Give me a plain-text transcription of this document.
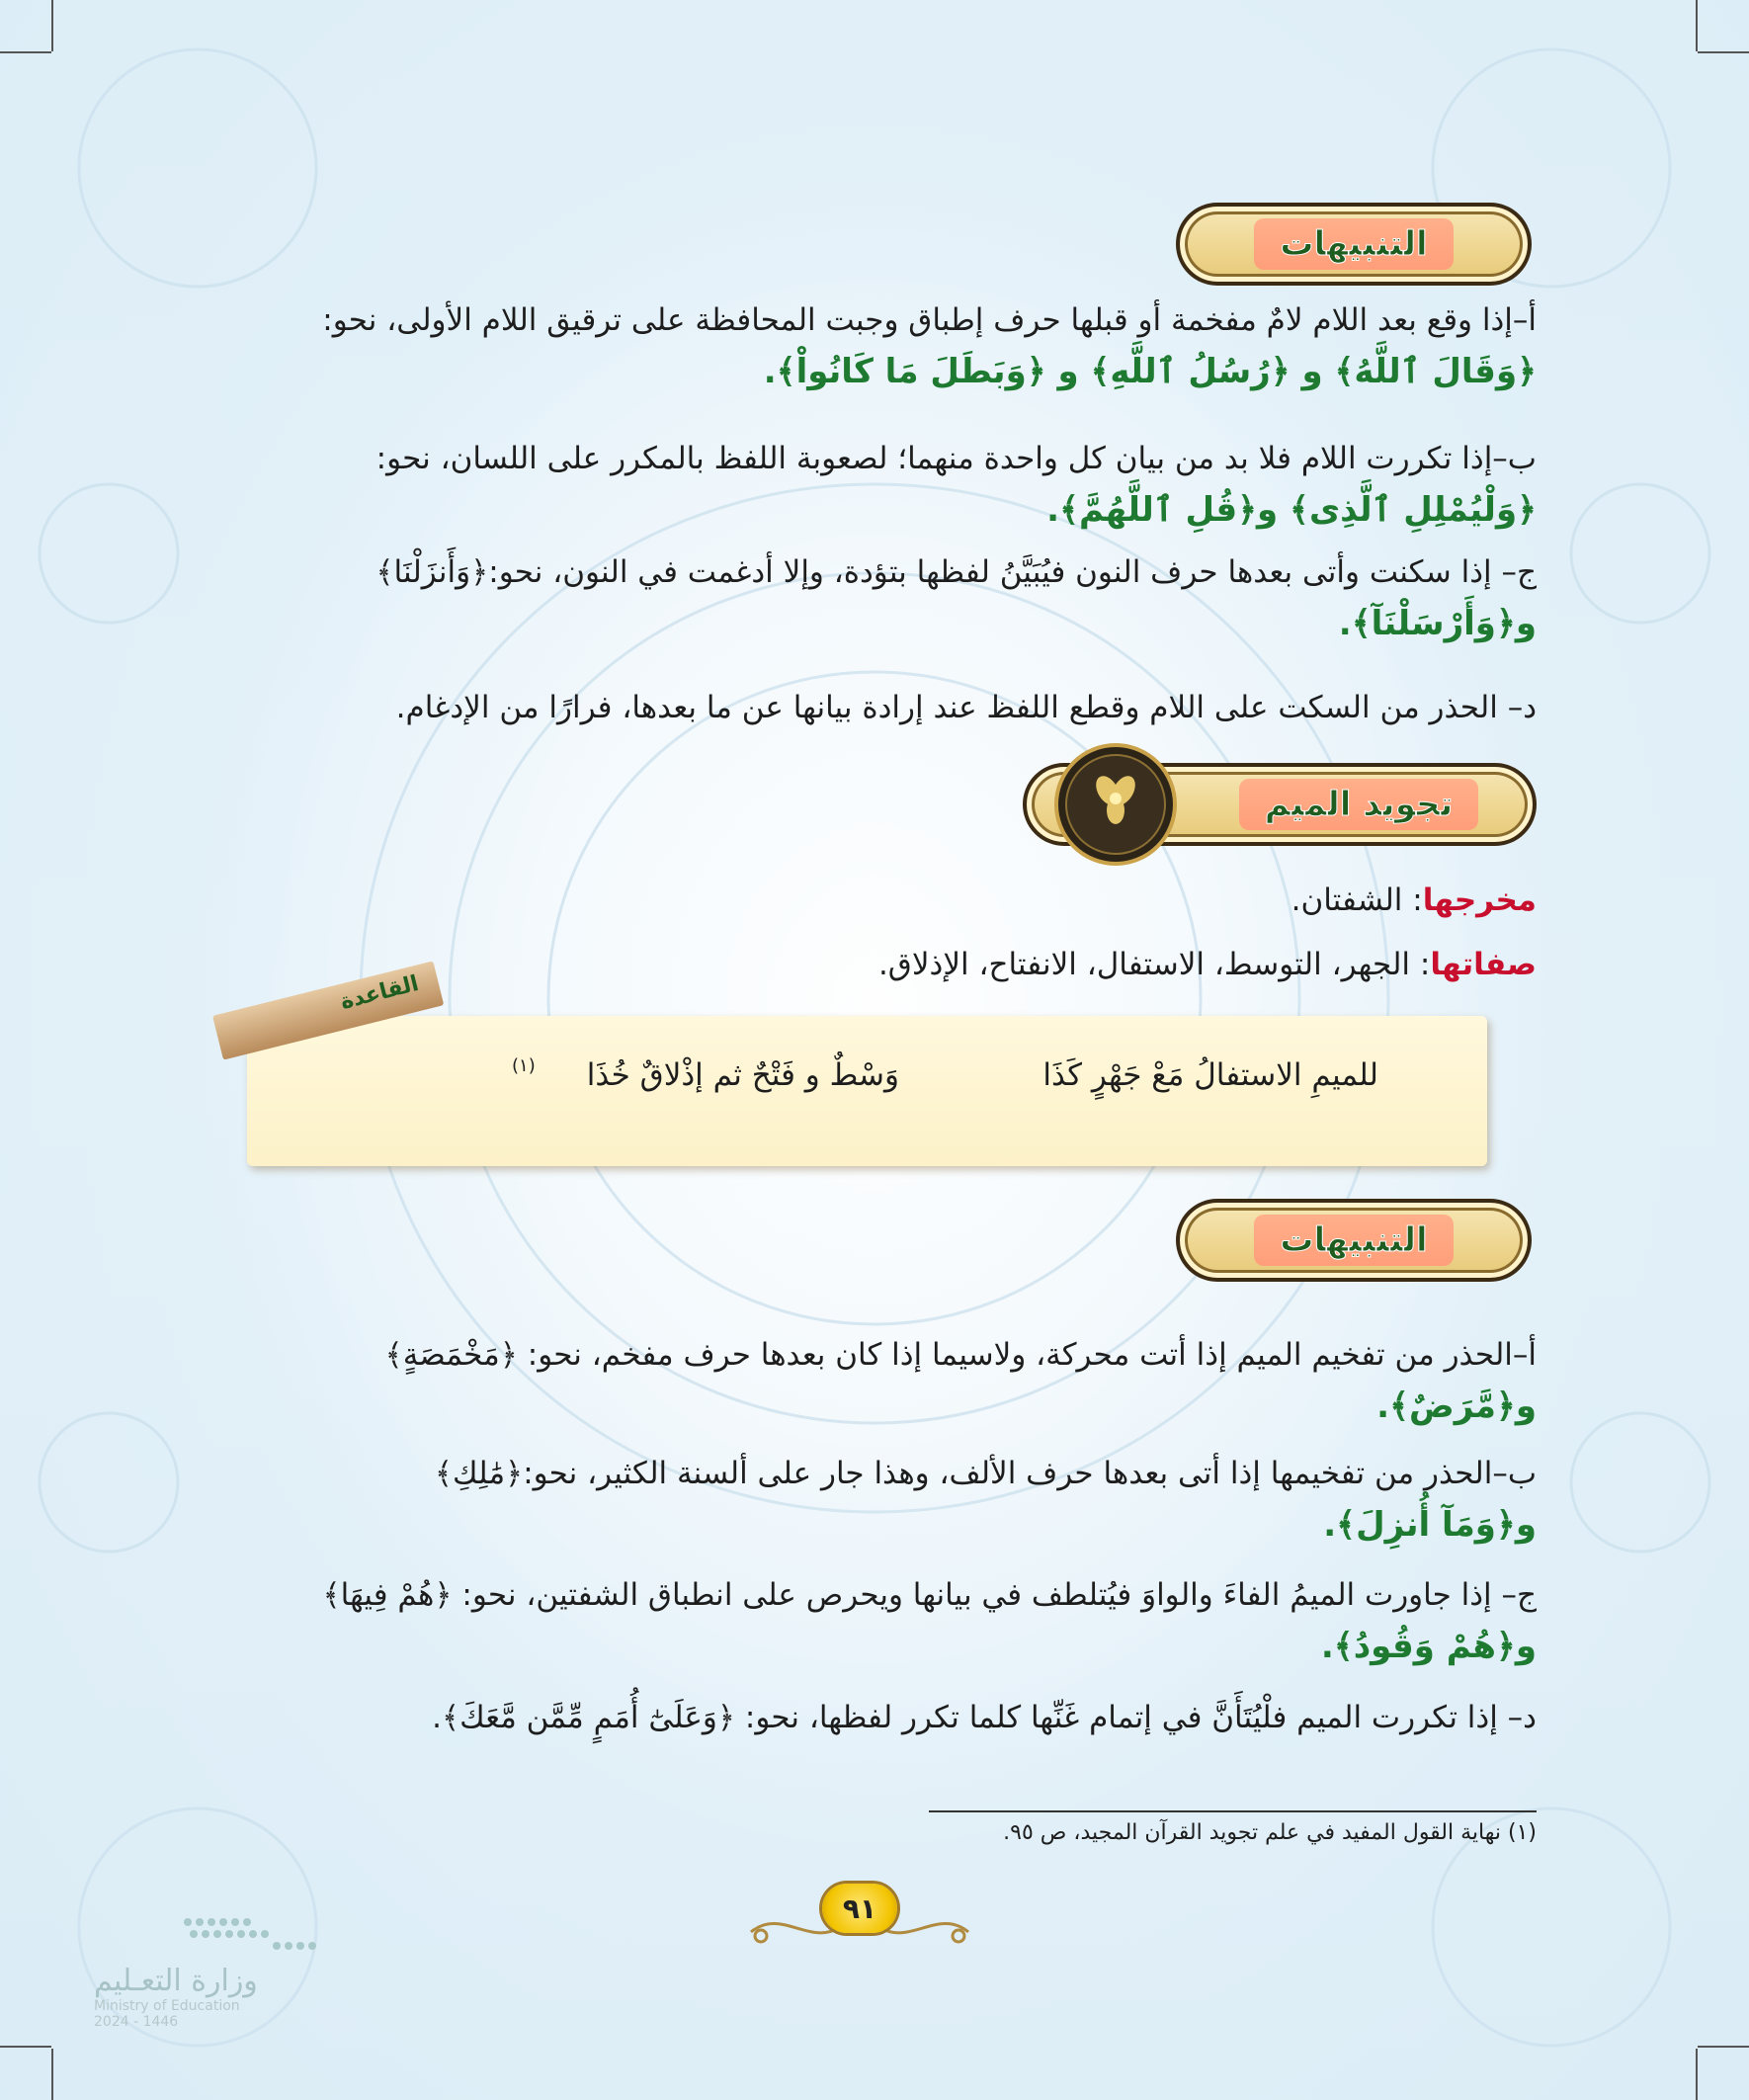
التنبيهات
أ–إذا وقع بعد اللام لامٌ مفخمة أو قبلها حرف إطباق وجبت المحافظة على ترقيق اللام الأولى، نحو:
﴿وَقَالَ ٱللَّهُ﴾ و ﴿رُسُلُ ٱللَّهِ﴾ و ﴿وَبَطَلَ مَا كَانُواْ﴾.
ب–إذا تكررت اللام فلا بد من بيان كل واحدة منهما؛ لصعوبة اللفظ بالمكرر على اللسان، نحو:
﴿وَلْيُمْلِلِ ٱلَّذِى﴾ و﴿قُلِ ٱللَّهُمَّ﴾.
ج– إذا سكنت وأتى بعدها حرف النون فيُبَيَّنُ لفظها بتؤدة، وإلا أدغمت في النون، نحو:﴿وَأَنزَلْنَا﴾
و﴿وَأَرْسَلْنَآ﴾.
د– الحذر من السكت على اللام وقطع اللفظ عند إرادة بيانها عن ما بعدها، فرارًا من الإدغام.
تجويد الميم
مخرجها: الشفتان.
صفاتها: الجهر، التوسط، الاستفال، الانفتاح، الإذلاق.
القاعدة
للميمِ الاستفالُ مَعْ جَهْرٍ كَذَا
وَسْطٌ و فَتْحٌ ثم إذْلاقٌ خُذَا
(١)
التنبيهات
أ–الحذر من تفخيم الميم إذا أتت محركة، ولاسيما إذا كان بعدها حرف مفخم، نحو: ﴿مَخْمَصَةٍ﴾
و﴿مَّرَضٌ﴾.
ب–الحذر من تفخيمها إذا أتى بعدها حرف الألف، وهذا جار على ألسنة الكثير، نحو:﴿مَٰلِكِ﴾
و﴿وَمَآ أُنزِلَ﴾.
ج– إذا جاورت الميمُ الفاءَ والواوَ فيُتلطف في بيانها ويحرص على انطباق الشفتين، نحو: ﴿هُمْ فِيهَا﴾
و﴿هُمْ وَقُودُ﴾.
د– إذا تكررت الميم فلْيُتَأَنَّ في إتمام غَنِّها كلما تكرر لفظها، نحو: ﴿وَعَلَىٰٓ أُمَمٍ مِّمَّن مَّعَكَ﴾.
(١) نهاية القول المفيد في علم تجويد القرآن المجيد، ص ٩٥.
٩١
وزارة التعـليم
Ministry of Education
2024 - 1446
